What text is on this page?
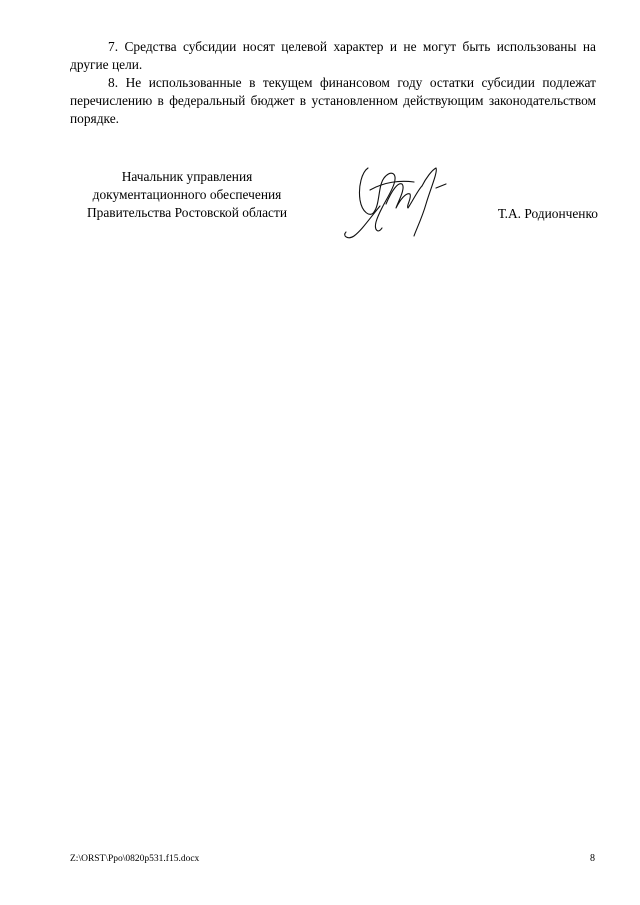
7. Средства субсидии носят целевой характер и не могут быть использованы на другие цели.

8. Не использованные в текущем финансовом году остатки субсидии подлежат перечислению в федеральный бюджет в установленном действующим законодательством порядке.

Начальник управления
документационного обеспечения
Правительства Ростовской области	Т.А. Родионченко
Z:\ORST\Ppo\0820p531.f15.docx	8
